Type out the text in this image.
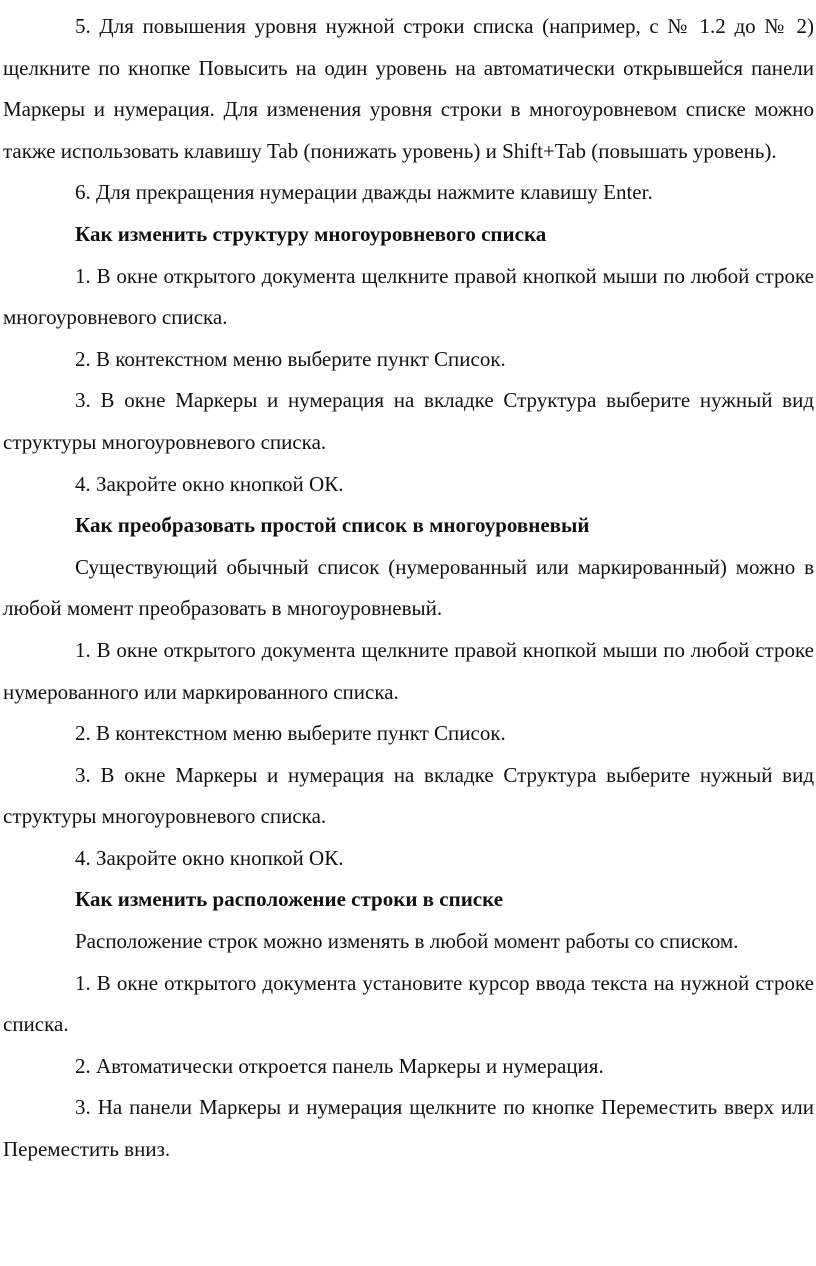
5. Для повышения уровня нужной строки списка (например, с № 1.2 до № 2) щелкните по кнопке Повысить на один уровень на автоматически открывшейся панели Маркеры и нумерация. Для изменения уровня строки в многоуровневом списке можно также использовать клавишу Tab (понижать уровень) и Shift+Tab (повышать уровень).

6. Для прекращения нумерации дважды нажмите клавишу Enter.

Как изменить структуру многоуровневого списка

1. В окне открытого документа щелкните правой кнопкой мыши по любой строке многоуровневого списка.

2. В контекстном меню выберите пункт Список.

3. В окне Маркеры и нумерация на вкладке Структура выберите нужный вид структуры многоуровневого списка.

4. Закройте окно кнопкой ОК.

Как преобразовать простой список в многоуровневый

Существующий обычный список (нумерованный или маркированный) можно в любой момент преобразовать в многоуровневый.

1. В окне открытого документа щелкните правой кнопкой мыши по любой строке нумерованного или маркированного списка.

2. В контекстном меню выберите пункт Список.

3. В окне Маркеры и нумерация на вкладке Структура выберите нужный вид структуры многоуровневого списка.

4. Закройте окно кнопкой ОК.

Как изменить расположение строки в списке

Расположение строк можно изменять в любой момент работы со списком.

1. В окне открытого документа установите курсор ввода текста на нужной строке списка.

2. Автоматически откроется панель Маркеры и нумерация.

3. На панели Маркеры и нумерация щелкните по кнопке Переместить вверх или Переместить вниз.
